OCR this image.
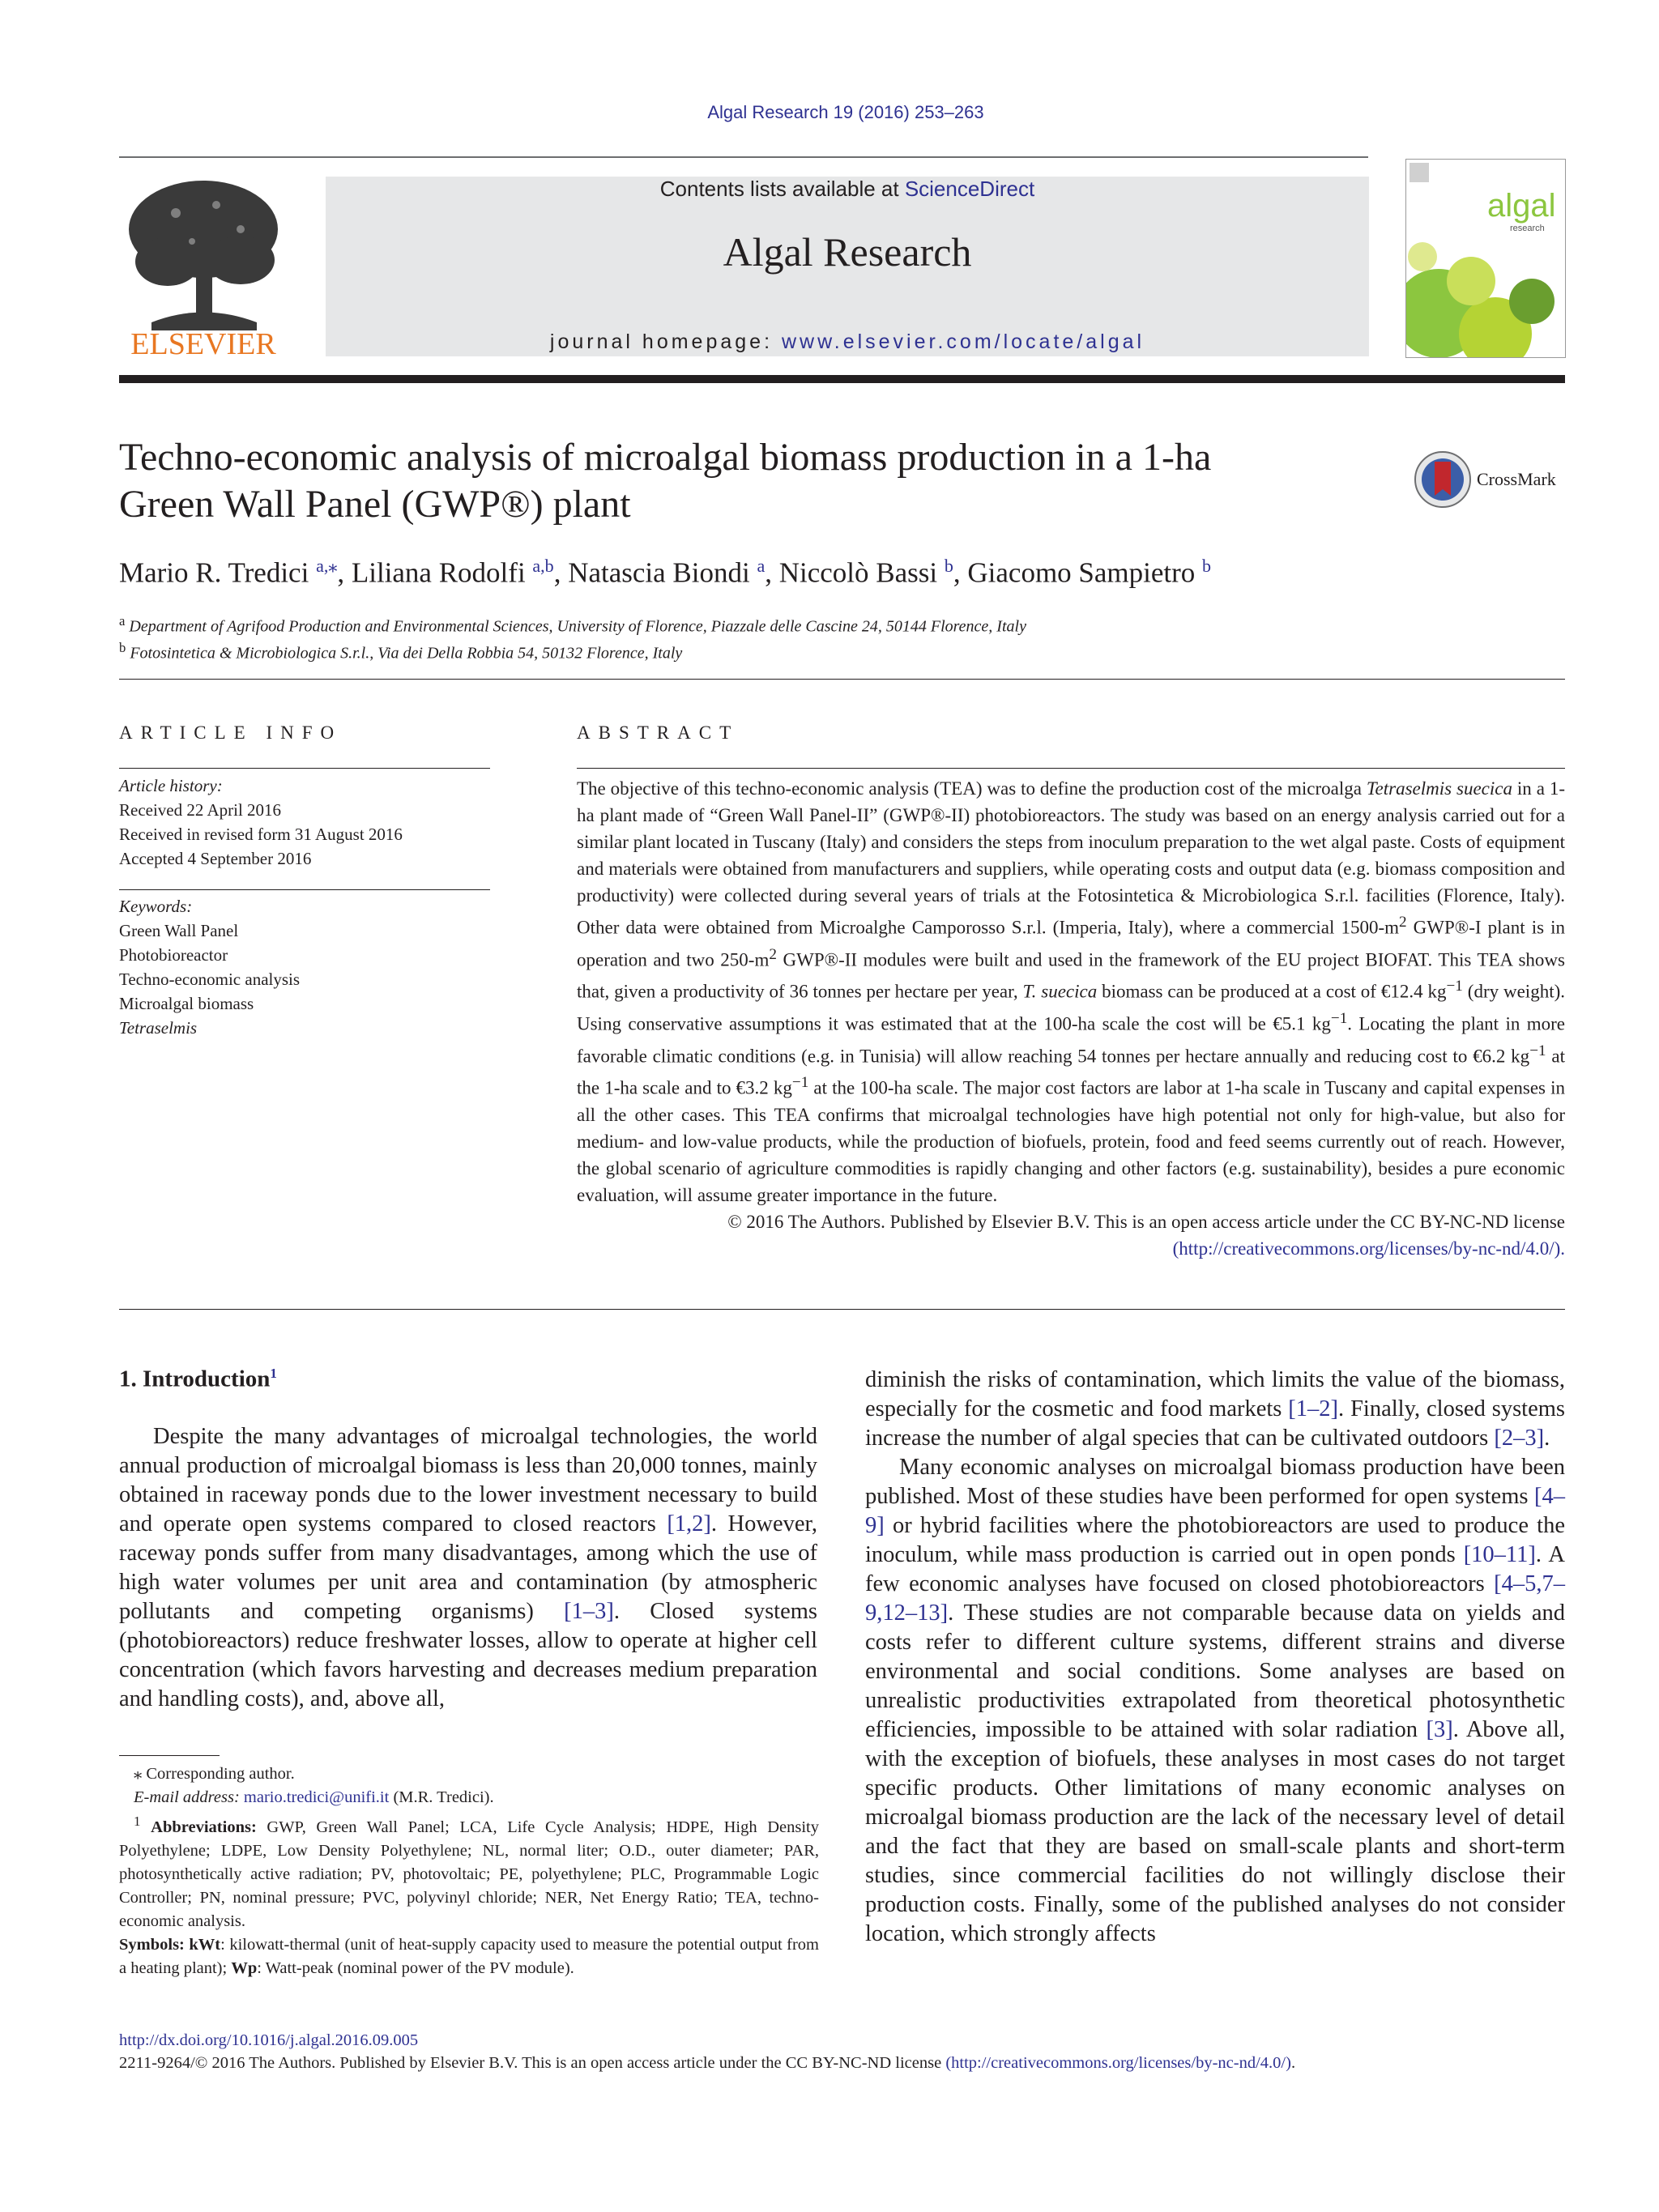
Algal Research 19 (2016) 253–263
ELSEVIER
Contents lists available at ScienceDirect
Algal Research
journal homepage: www.elsevier.com/locate/algal
algal
research
Techno-economic analysis of microalgal biomass production in a 1-ha
Green Wall Panel (GWP®) plant
CrossMark
Mario R. Tredici $^{a,⁎}$, Liliana Rodolfi $^{a,b}$, Natascia Biondi $^a$, Niccolò Bassi $^b$, Giacomo Sampietro $^b$
$^a$ Department of Agrifood Production and Environmental Sciences, University of Florence, Piazzale delle Cascine 24, 50144 Florence, Italy
$^b$ Fotosintetica & Microbiologica S.r.l., Via dei Della Robbia 54, 50132 Florence, Italy
ARTICLE INFO	ABSTRACT
Article history:
Received 22 April 2016
Received in revised form 31 August 2016
Accepted 4 September 2016
Keywords:
Green Wall Panel
Photobioreactor
Techno-economic analysis
Microalgal biomass
Tetraselmis

The objective of this techno-economic analysis (TEA) was to define the production cost of the microalga Tetraselmis suecica in a 1-ha plant made of “Green Wall Panel-II” (GWP®-II) photobioreactors. The study was based on an energy analysis carried out for a similar plant located in Tuscany (Italy) and considers the steps from inoculum preparation to the wet algal paste. Costs of equipment and materials were obtained from manufacturers and suppliers, while operating costs and output data (e.g. biomass composition and productivity) were collected during several years of trials at the Fotosintetica & Microbiologica S.r.l. facilities (Florence, Italy). Other data were obtained from Microalghe Camporosso S.r.l. (Imperia, Italy), where a commercial $1500-m^2$ GWP®-I plant is in operation and two $250-m^2$ GWP®-II modules were built and used in the framework of the EU project BIOFAT. This TEA shows that, given a productivity of 36 tonnes per hectare per year, T. suecica biomass can be produced at a cost of €12.4 $kg^{-1}$ (dry weight). Using conservative assumptions it was estimated that at the 100-ha scale the cost will be €5.1 $kg^{-1}$. Locating the plant in more favorable climatic conditions (e.g. in Tunisia) will allow reaching 54 tonnes per hectare annually and reducing cost to €6.2 $kg^{-1}$ at the 1-ha scale and to €3.2 $kg^{-1}$ at the 100-ha scale. The major cost factors are labor at 1-ha scale in Tuscany and capital expenses in all the other cases. This TEA confirms that microalgal technologies have high potential not only for high-value, but also for medium- and low-value products, while the production of biofuels, protein, food and feed seems currently out of reach. However, the global scenario of agriculture commodities is rapidly changing and other factors (e.g. sustainability), besides a pure economic evaluation, will assume greater importance in the future.

© 2016 The Authors. Published by Elsevier B.V. This is an open access article under the CC BY-NC-ND license
(http://creativecommons.org/licenses/by-nc-nd/4.0/).

1. Introduction$^1$

Despite the many advantages of microalgal technologies, the world annual production of microalgal biomass is less than 20,000 tonnes, mainly obtained in raceway ponds due to the lower investment necessary to build and operate open systems compared to closed reactors [1,2]. However, raceway ponds suffer from many disadvantages, among which the use of high water volumes per unit area and contamination (by atmospheric pollutants and competing organisms) [1–3]. Closed systems (photobioreactors) reduce freshwater losses, allow to operate at higher cell concentration (which favors harvesting and decreases medium preparation and handling costs), and, above all,

diminish the risks of contamination, which limits the value of the biomass, especially for the cosmetic and food markets [1–2]. Finally, closed systems increase the number of algal species that can be cultivated outdoors [2–3].

Many economic analyses on microalgal biomass production have been published. Most of these studies have been performed for open systems [4–9] or hybrid facilities where the photobioreactors are used to produce the inoculum, while mass production is carried out in open ponds [10–11]. A few economic analyses have focused on closed photobioreactors [4–5,7–9,12–13]. These studies are not comparable because data on yields and costs refer to different culture systems, different strains and diverse environmental and social conditions. Some analyses are based on unrealistic productivities extrapolated from theoretical photosynthetic efficiencies, impossible to be attained with solar radiation [3]. Above all, with the exception of biofuels, these analyses in most cases do not target specific products. Other limitations of many economic analyses on microalgal biomass production are the lack of the necessary level of detail and the fact that they are based on small-scale plants and short-term studies, since commercial facilities do not willingly disclose their production costs. Finally, some of the published analyses do not consider location, which strongly affects

⁎ Corresponding author.

E-mail address: mario.tredici@unifi.it (M.R. Tredici).

$^1$ Abbreviations: GWP, Green Wall Panel; LCA, Life Cycle Analysis; HDPE, High Density Polyethylene; LDPE, Low Density Polyethylene; NL, normal liter; O.D., outer diameter; PAR, photosynthetically active radiation; PV, photovoltaic; PE, polyethylene; PLC, Programmable Logic Controller; PN, nominal pressure; PVC, polyvinyl chloride; NER, Net Energy Ratio; TEA, techno-economic analysis.

Symbols: kWt: kilowatt-thermal (unit of heat-supply capacity used to measure the potential output from a heating plant); Wp: Watt-peak (nominal power of the PV module).

http://dx.doi.org/10.1016/j.algal.2016.09.005
2211-9264/© 2016 The Authors. Published by Elsevier B.V. This is an open access article under the CC BY-NC-ND license (http://creativecommons.org/licenses/by-nc-nd/4.0/).
